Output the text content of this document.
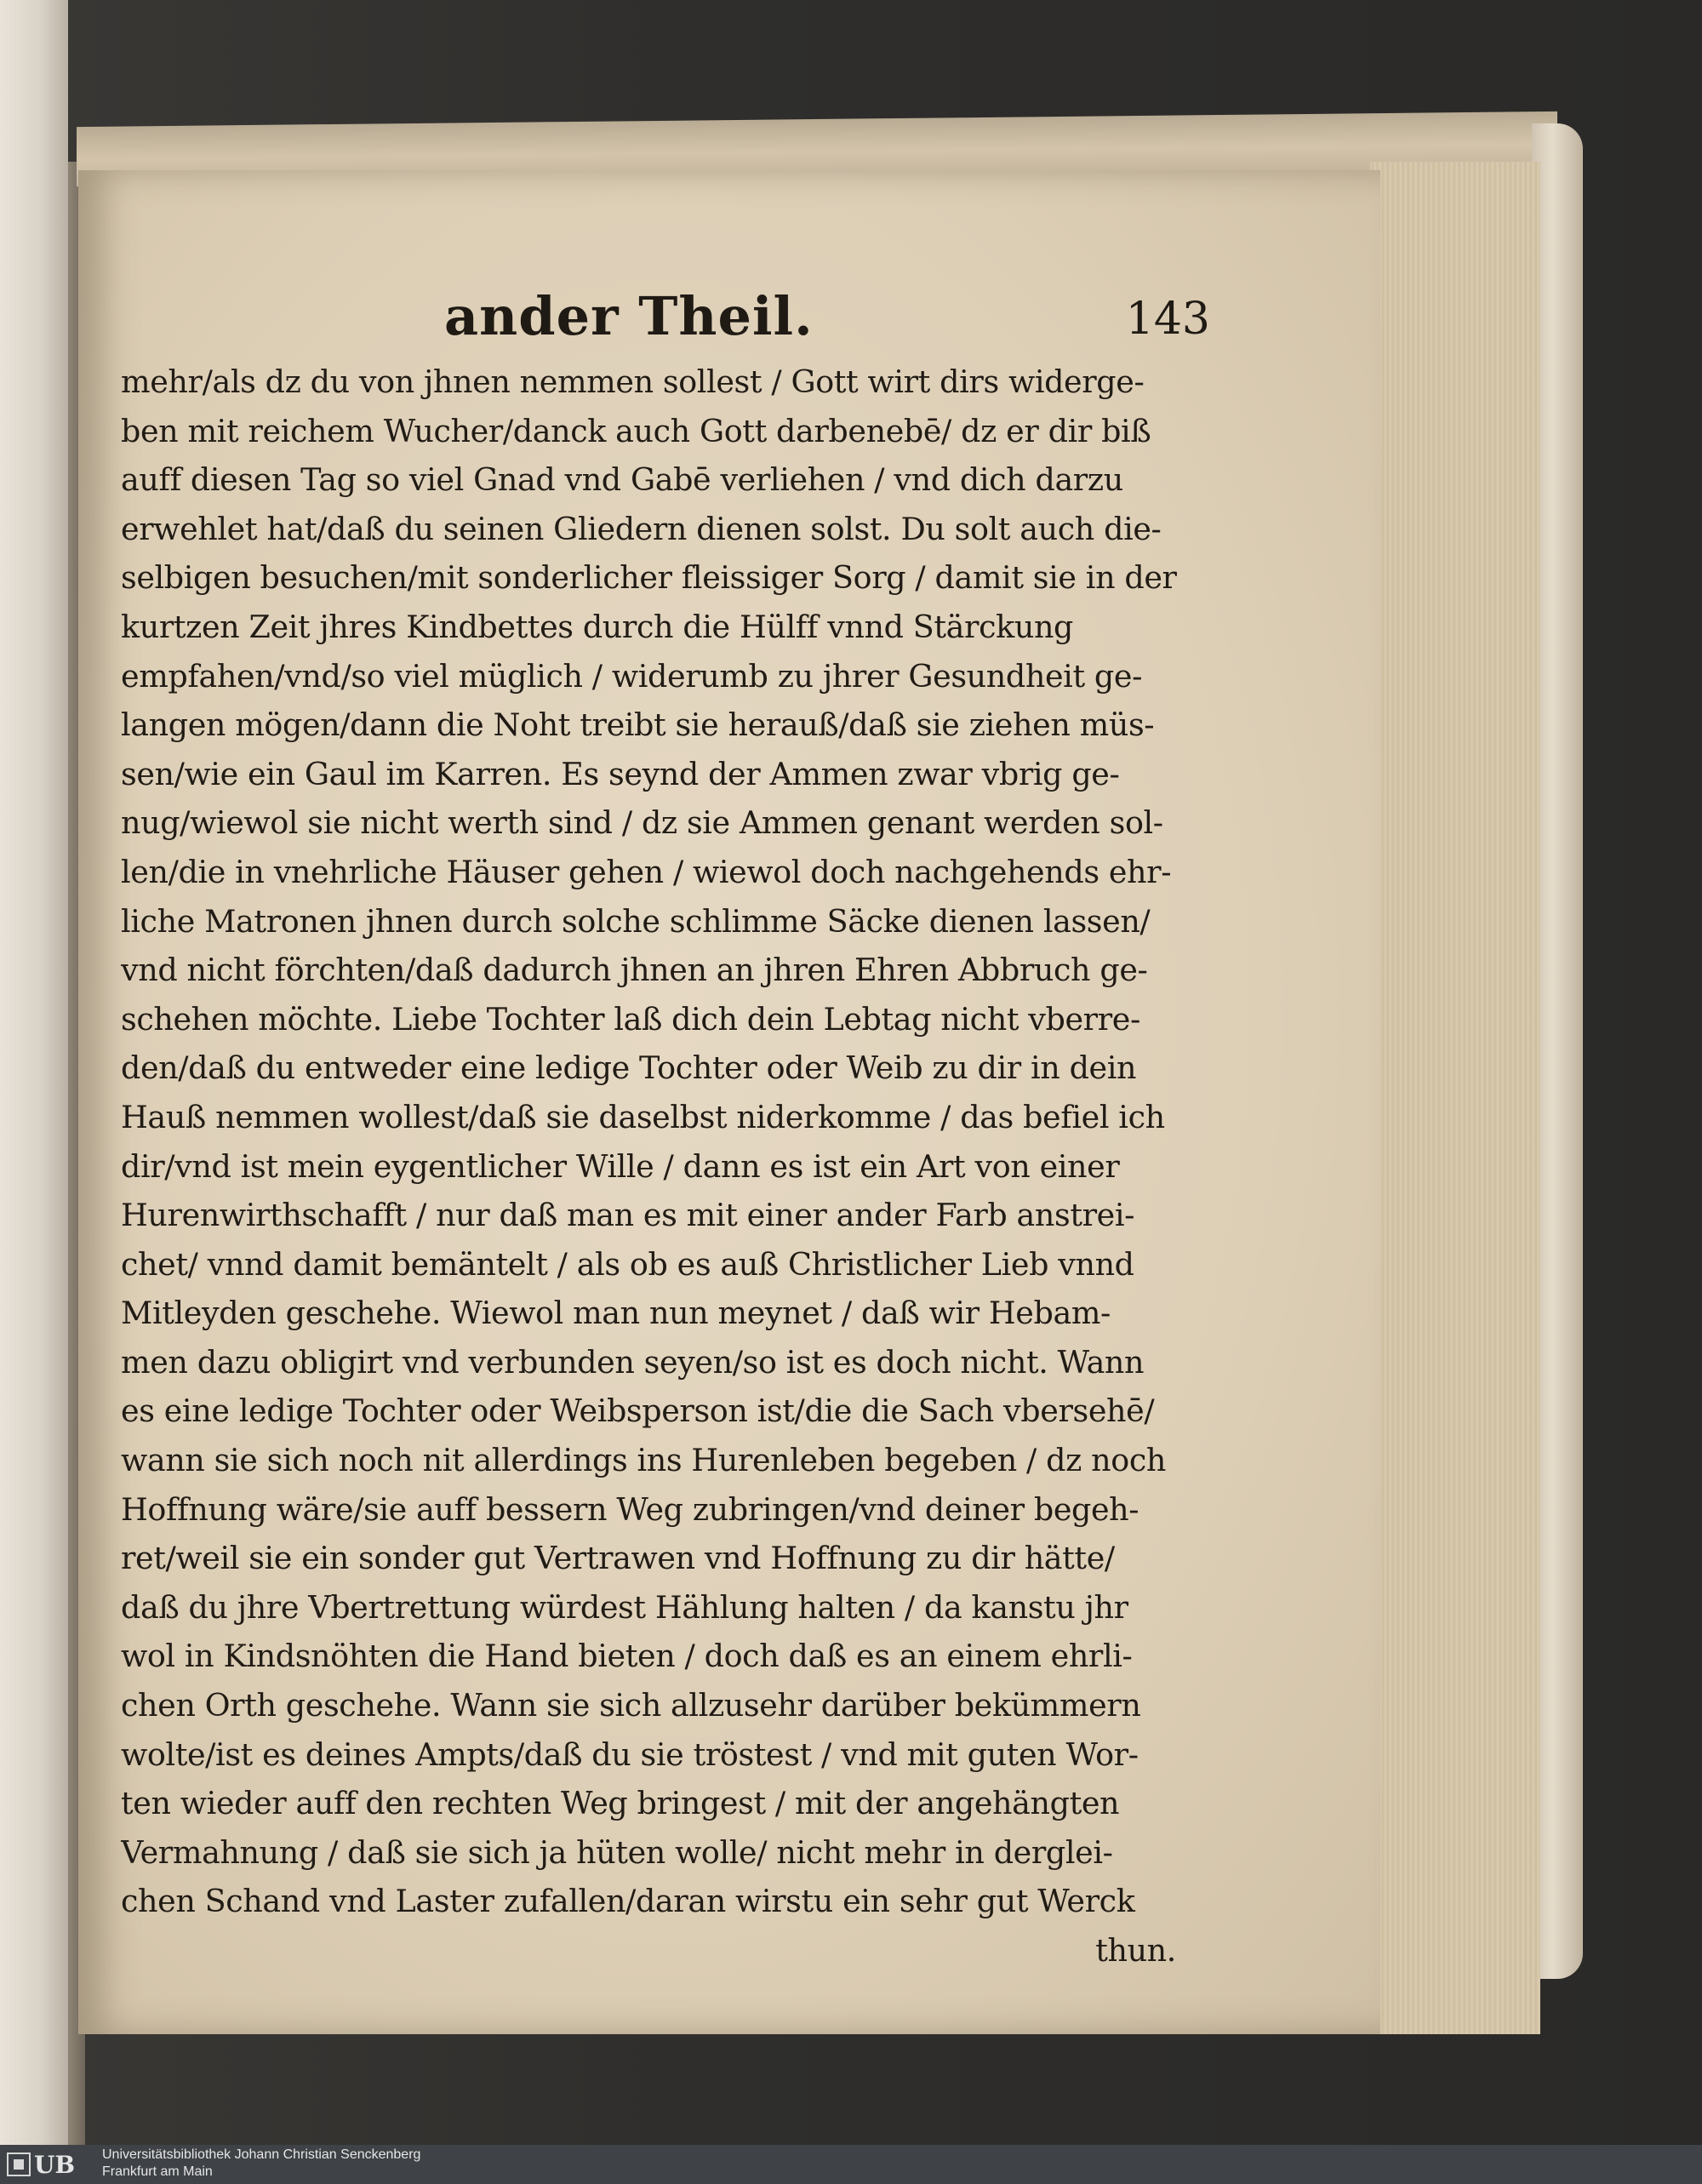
ander Theil.	143
mehr/als dz du von jhnen nemmen sollest / Gott wirt dirs widerge-
ben mit reichem Wucher/danck auch Gott darbenebē/ dz er dir biß
auff diesen Tag so viel Gnad vnd Gabē verliehen / vnd dich darzu
erwehlet hat/daß du seinen Gliedern dienen solst. Du solt auch die-
selbigen besuchen/mit sonderlicher fleissiger Sorg / damit sie in der
kurtzen Zeit jhres Kindbettes durch die Hülff vnnd Stärckung
empfahen/vnd/so viel müglich / widerumb zu jhrer Gesundheit ge-
langen mögen/dann die Noht treibt sie herauß/daß sie ziehen müs-
sen/wie ein Gaul im Karren. Es seynd der Ammen zwar vbrig ge-
nug/wiewol sie nicht werth sind / dz sie Ammen genant werden sol-
len/die in vnehrliche Häuser gehen / wiewol doch nachgehends ehr-
liche Matronen jhnen durch solche schlimme Säcke dienen lassen/
vnd nicht förchten/daß dadurch jhnen an jhren Ehren Abbruch ge-
schehen möchte. Liebe Tochter laß dich dein Lebtag nicht vberre-
den/daß du entweder eine ledige Tochter oder Weib zu dir in dein
Hauß nemmen wollest/daß sie daselbst niderkomme / das befiel ich
dir/vnd ist mein eygentlicher Wille / dann es ist ein Art von einer
Hurenwirthschafft / nur daß man es mit einer ander Farb anstrei-
chet/ vnnd damit bemäntelt / als ob es auß Christlicher Lieb vnnd
Mitleyden geschehe. Wiewol man nun meynet / daß wir Hebam-
men dazu obligirt vnd verbunden seyen/so ist es doch nicht. Wann
es eine ledige Tochter oder Weibsperson ist/die die Sach vbersehē/
wann sie sich noch nit allerdings ins Hurenleben begeben / dz noch
Hoffnung wäre/sie auff bessern Weg zubringen/vnd deiner begeh-
ret/weil sie ein sonder gut Vertrawen vnd Hoffnung zu dir hätte/
daß du jhre Vbertrettung würdest Hählung halten / da kanstu jhr
wol in Kindsnöhten die Hand bieten / doch daß es an einem ehrli-
chen Orth geschehe. Wann sie sich allzusehr darüber bekümmern
wolte/ist es deines Ampts/daß du sie tröstest / vnd mit guten Wor-
ten wieder auff den rechten Weg bringest / mit der angehängten
Vermahnung / daß sie sich ja hüten wolle/ nicht mehr in derglei-
chen Schand vnd Laster zufallen/daran wirstu ein sehr gut Werck
thun.
UB Universitätsbibliothek Johann Christian Senckenberg
Frankfurt am Main
